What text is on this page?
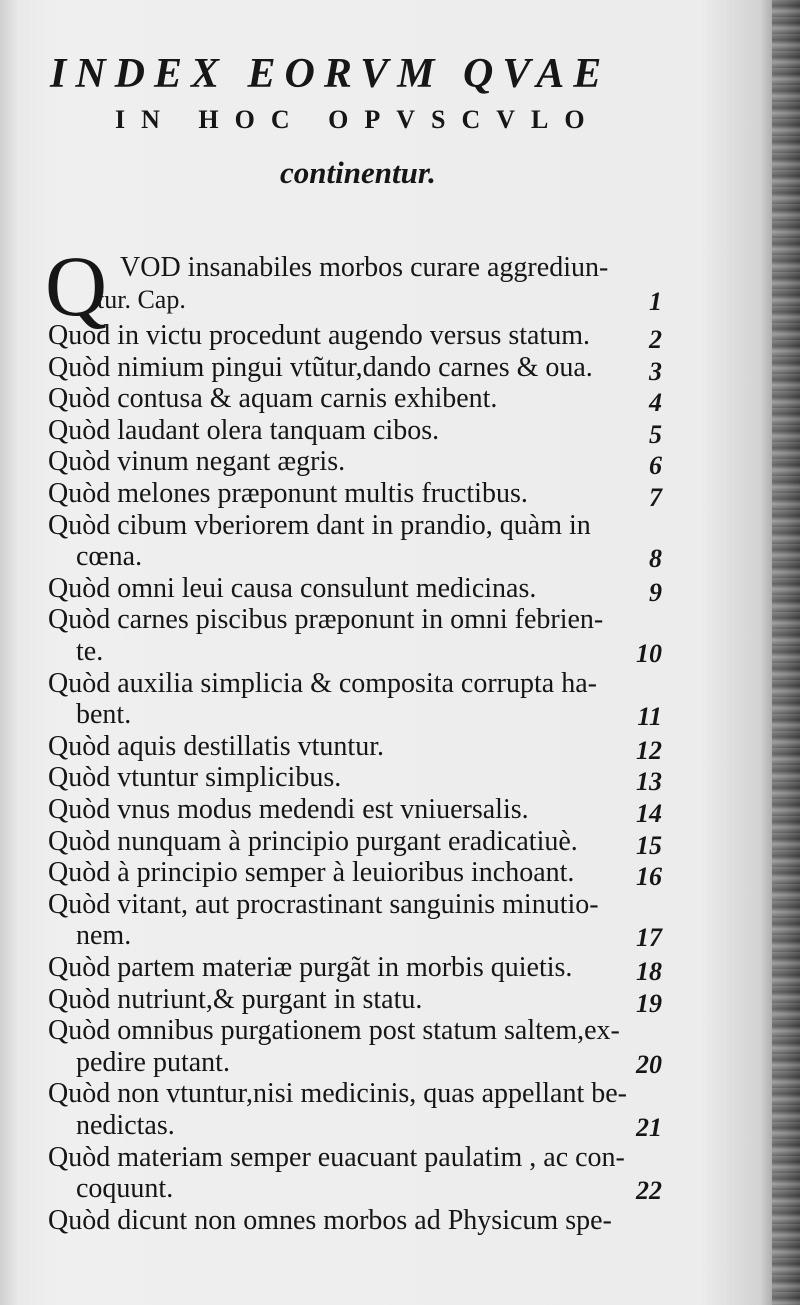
INDEX EORVM QVAE
IN HOC OPVSCVLO
continentur.
Q VOD insanabiles morbos curare aggrediun-
tur. Cap.	1
Quod in victu procedunt augendo versus statum.	2
Quòd nimium pingui vtũtur,dando carnes & oua.	3
Quòd contusa & aquam carnis exhibent.	4
Quòd laudant olera tanquam cibos.	5
Quòd vinum negant ægris.	6
Quòd melones præponunt multis fructibus.	7
Quòd cibum vberiorem dant in prandio, quàm in
cœna.	8
Quòd omni leui causa consulunt medicinas.	9
Quòd carnes piscibus præponunt in omni febrien-
te.	10
Quòd auxilia simplicia & composita corrupta ha-
bent.	11
Quòd aquis destillatis vtuntur.	12
Quòd vtuntur simplicibus.	13
Quòd vnus modus medendi est vniuersalis.	14
Quòd nunquam à principio purgant eradicatiuè.	15
Quòd à principio semper à leuioribus inchoant.	16
Quòd vitant, aut procrastinant sanguinis minutio-
nem.	17
Quòd partem materiæ purgãt in morbis quietis.	18
Quòd nutriunt,& purgant in statu.	19
Quòd omnibus purgationem post statum saltem,ex-
pedire putant.	20
Quòd non vtuntur,nisi medicinis, quas appellant be-
nedictas.	21
Quòd materiam semper euacuant paulatim , ac con-
coquunt.	22
Quòd dicunt non omnes morbos ad Physicum spe-
